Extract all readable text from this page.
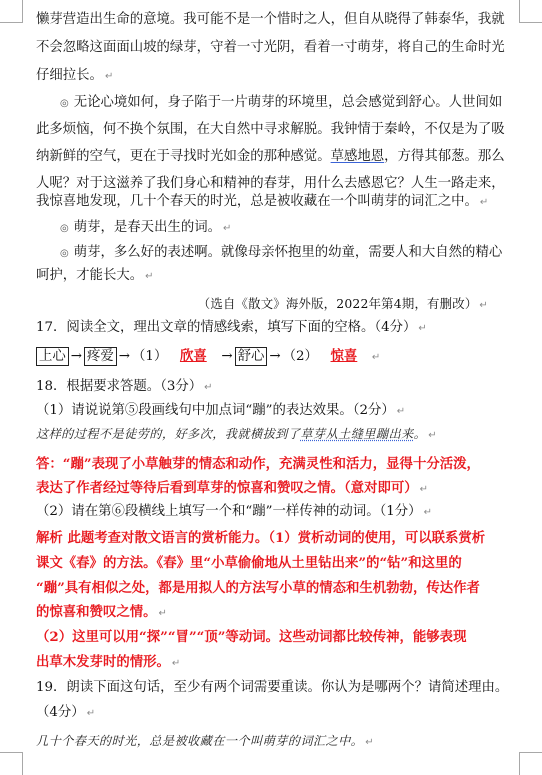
懒芽营造出生命的意境。我可能不是一个惜时之人，但自从晓得了韩泰华，我就
不会忽略这面面山坡的绿芽，守着一寸光阴，看着一寸萌芽，将自己的生命时光
仔细拉长。 ↵
◎ 无论心境如何，身子陷于一片萌芽的环境里，总会感觉到舒心。人世间如
此多烦恼，何不换个氛围，在大自然中寻求解脱。我钟情于秦岭，不仅是为了吸
纳新鲜的空气，更在于寻找时光如金的那种感觉。草感地恩，方得其郁葱。那么
人呢？对于这滋养了我们身心和精神的春芽，用什么去感恩它？人生一路走来，
我惊喜地发现，几十个春天的时光，总是被收藏在一个叫萌芽的词汇之中。 ↵
◎ 萌芽，是春天出生的词。 ↵
◎ 萌芽，多么好的表述啊。就像母亲怀抱里的幼童，需要人和大自然的精心
呵护，才能长大。 ↵
（选自《散文》海外版，2022年第4期，有删改） ↵
17．阅读全文，理出文章的情感线索，填写下面的空格。（4分） ↵
上心 → 疼爱 → （1） 欣喜 → 舒心 → （2） 惊喜 ↵
18．根据要求答题。（3分） ↵
（1）请说说第⑤段画线句中加点词“蹦”的表达效果。（2分） ↵
这样的过程不是徒劳的，好多次，我就横拔到了草芽从土缝里蹦出来。 ↵
答：“蹦”表现了小草触芽的情态和动作，充满灵性和活力，显得十分活泼，
表达了作者经过等待后看到草芽的惊喜和赞叹之情。（意对即可） ↵
（2）请在第⑥段横线上填写一个和“蹦”一样传神的动词。（1分） ↵
解析 此题考查对散文语言的赏析能力。（1）赏析动词的使用，可以联系赏析
课文《春》的方法。《春》里“小草偷偷地从土里钻出来”的“钻”和这里的
“蹦”具有相似之处，都是用拟人的方法写小草的情态和生机勃勃，传达作者
的惊喜和赞叹之情。 ↵
（2）这里可以用“探”“冒”“顶”等动词。这些动词都比较传神，能够表现
出草木发芽时的情形。 ↵
19．朗读下面这句话，至少有两个词需要重读。你认为是哪两个？请简述理由。
（4分） ↵
几十个春天的时光，总是被收藏在一个叫萌芽的词汇之中。 ↵
